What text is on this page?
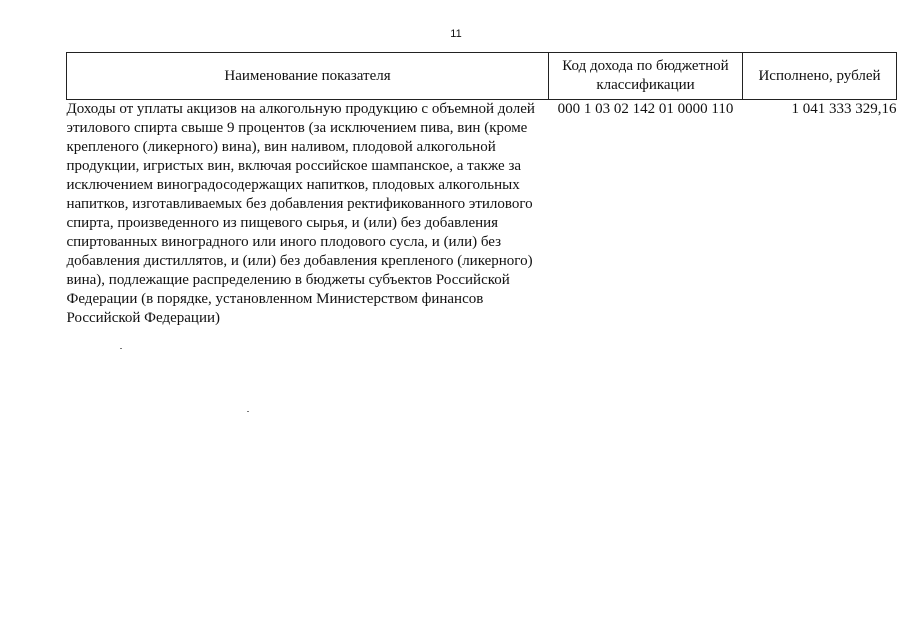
11
Наименование показателя	Код дохода по бюджетной классификации	Исполнено, рублей
Доходы от уплаты акцизов на алкогольную продукцию с объемной долей этилового спирта свыше 9 процентов (за исключением пива, вин (кроме крепленого (ликерного) вина), вин наливом, плодовой алкогольной продукции, игристых вин, включая российское шампанское, а также за исключением виноградосодержащих напитков, плодовых алкогольных напитков, изготавливаемых без добавления ректификованного этилового спирта, произведенного из пищевого сырья, и (или) без добавления спиртованных виноградного или иного плодового сусла, и (или) без добавления дистиллятов, и (или) без добавления крепленого (ликерного) вина), подлежащие распределению в бюджеты субъектов Российской Федерации (в порядке, установленном Министерством финансов Российской Федерации)	000 1 03 02 142 01 0000 110	1 041 333 329,16
